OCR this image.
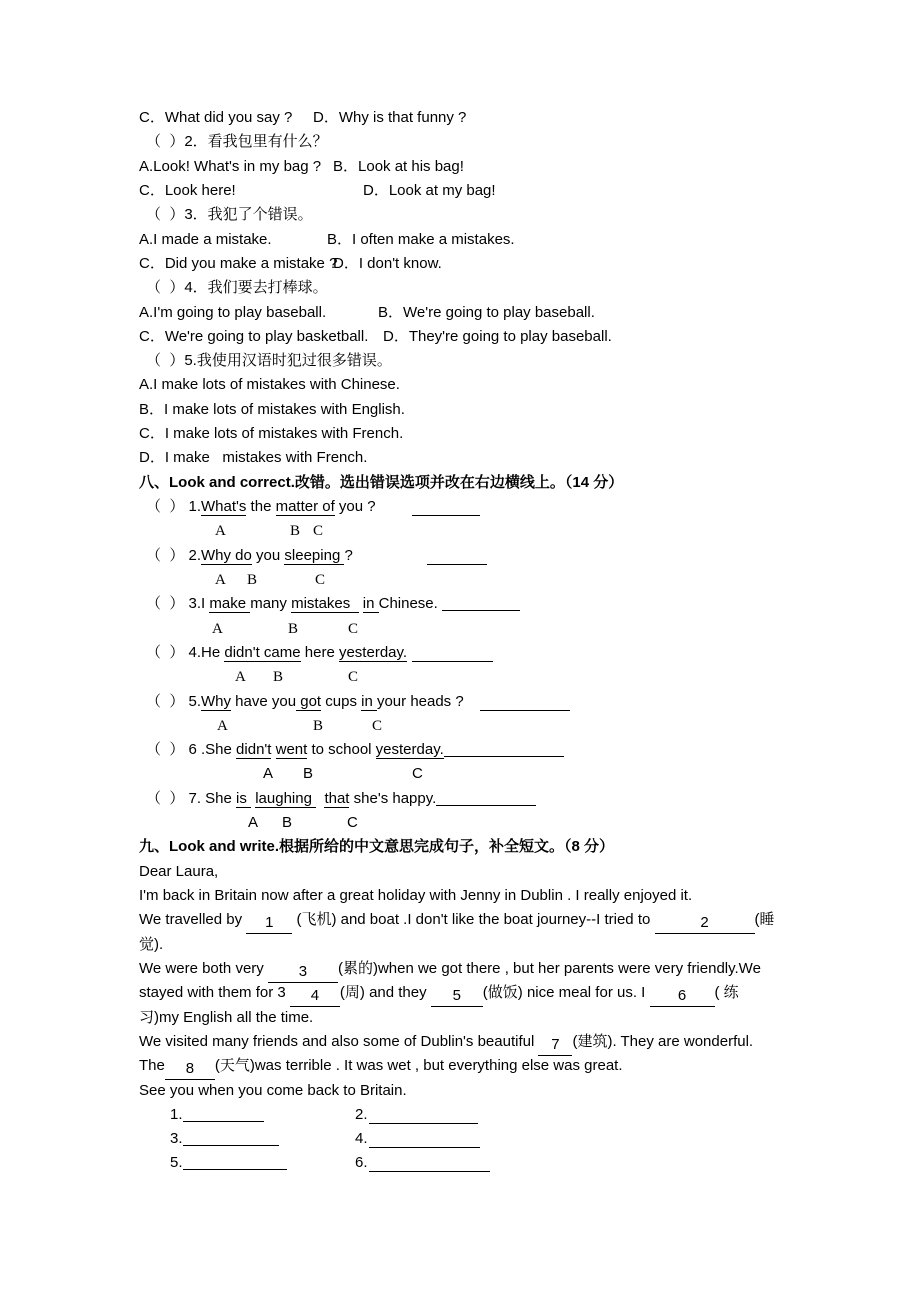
C．What did you say ? D．Why is that funny ?
（  ）2．看我包里有什么？
A.Look! What's in my bag ? B．Look at his bag!
C．Look here!	D．Look at my bag!
（  ）3．我犯了个错误。
A.I made a mistake.	B．I often make a mistakes.
C．Did you make a mistake ?
D．I don't know.
（  ）4．我们要去打棒球。
A.I'm going to play baseball.	B．We're going to play baseball.
C．We're going to play basketball. D．They're going to play baseball.
（  ）5.我使用汉语时犯过很多错误。
A.I make lots of mistakes with Chinese.
B．I make lots of mistakes with English.
C．I make lots of mistakes with French.
D．I make   mistakes with French.
八、Look and correct.改错。选出错误选项并改在右边横线上。（14 分）
（  ） 1.What's the matter of you ?
A	B C
（  ） 2.Why do you sleeping ?
A B	C
（  ） 3.I make many mistakes   in Chinese.
A	B	C
（  ） 4.He didn't came here yesterday.
A B	C
（  ） 5.Why have you got cups in your heads ?
A	B	C
（  ） 6 .She didn't went to school yesterday.
A B	C
（  ） 7. She is  laughing   that she's happy.
A B	C
九、Look and write.根据所给的中文意思完成句子，补全短文。（8 分）
Dear Laura,
I'm back in Britain now after a great holiday with Jenny in Dublin . I really enjoyed it.
We travelled by 1 (飞机) and boat .I don't like the boat journey--I tried to	2	(睡
觉).
We were both very 3 (累的)when we got there , but her parents were very friendly.We
stayed with them for 3 4 (周) and they 5 (做饭) nice meal for us. I 6 ( 练
习)my English all the time.
We visited many friends and also some of Dublin's beautiful 7 (建筑). They are wonderful.
The 8 (天气)was terrible . It was wet , but everything else was great.
See you when you come back to Britain.
1.	2.
3.	4.
5.	6.
